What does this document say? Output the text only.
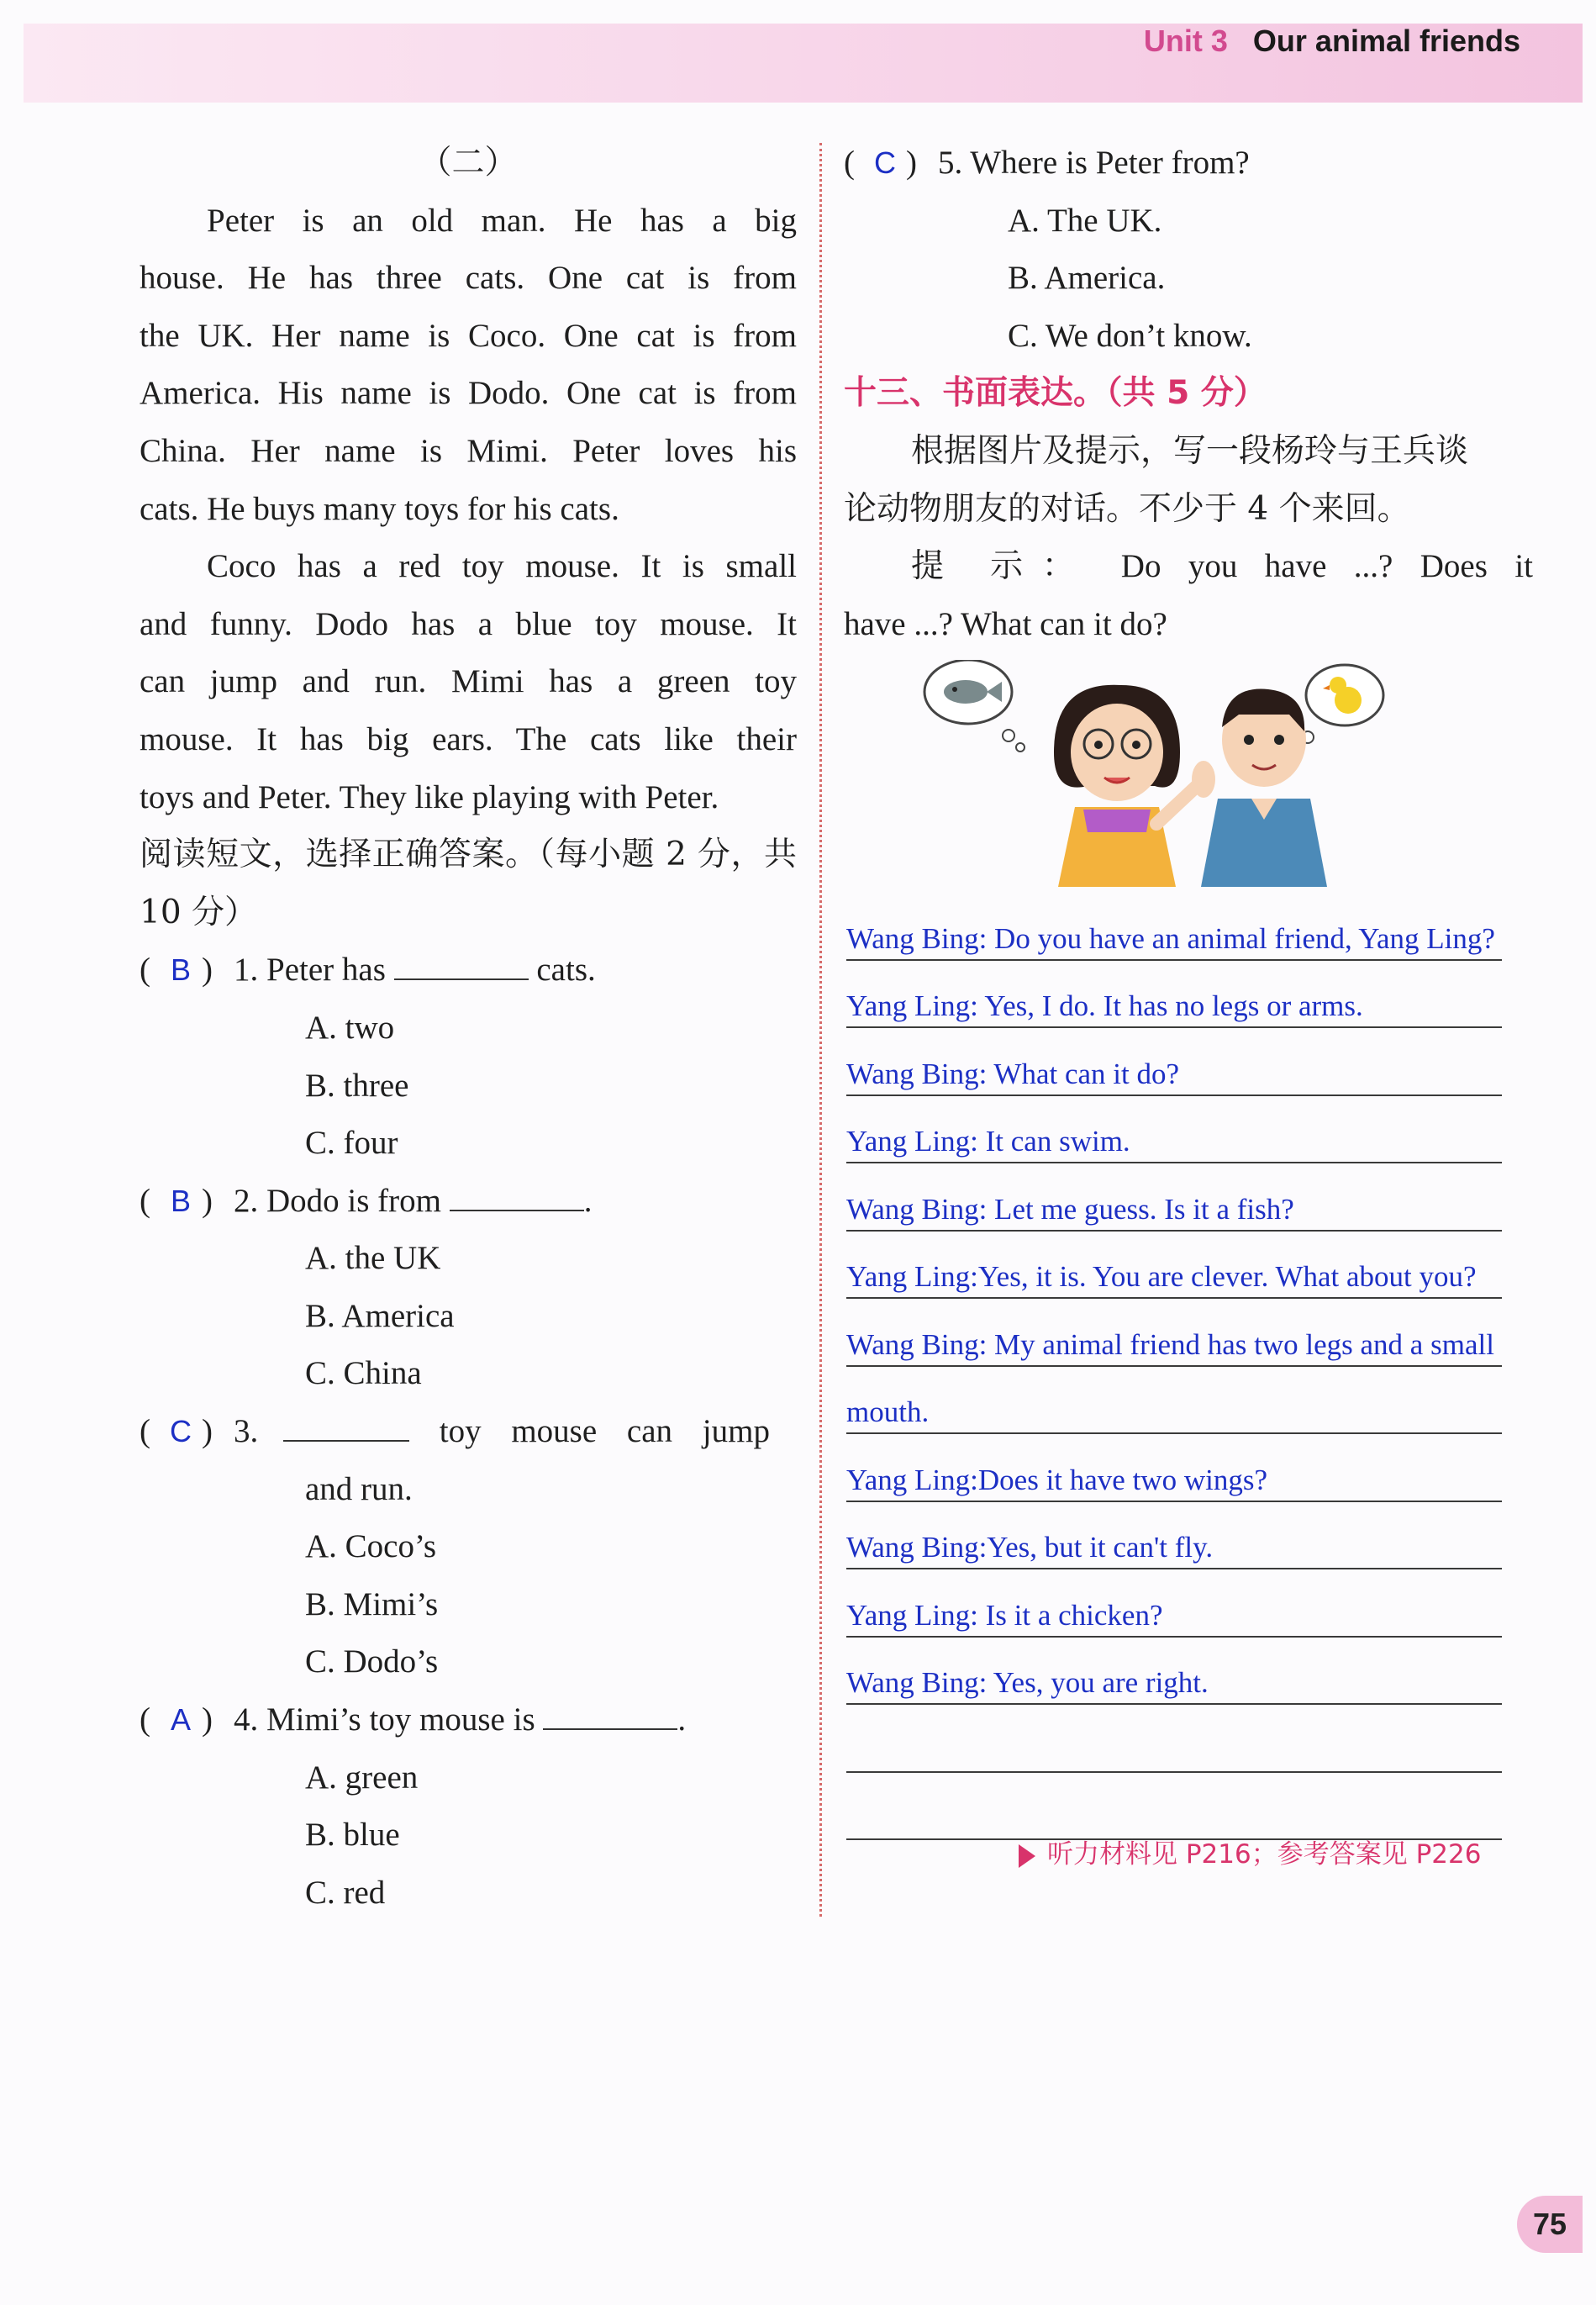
Unit 3 Our animal friends
（二）
Peter is an old man. He has a big
house. He has three cats. One cat is from
the UK. Her name is Coco. One cat is from
America. His name is Dodo. One cat is from
China. Her name is Mimi. Peter loves his
cats. He buys many toys for his cats.
Coco has a red toy mouse. It is small
and funny. Dodo has a blue toy mouse. It
can jump and run. Mimi has a green toy
mouse. It has big ears. The cats like their
toys and Peter. They like playing with Peter.
阅读短文，选择正确答案。（每小题 2 分，共
10 分）
( B ) 1. Peter has	cats.
A. two
B. three
C. four
( B ) 2. Dodo is from	.
A. the UK
B. America
C. China
( C ) 3.	toy mouse can jump
and run.
A. Coco’s
B. Mimi’s
C. Dodo’s
( A ) 4. Mimi’s toy mouse is	.
A. green
B. blue
C. red
( C ) 5. Where is Peter from?
A. The UK.
B. America.
C. We don’t know.
十三、书面表达。（共 5 分）
根据图片及提示，写一段杨玲与王兵谈
论动物朋友的对话。不少于 4 个来回。
提 示： Do you have ...? Does it
have ...? What can it do?
Wang Bing: Do you have an animal friend, Yang Ling?
Yang Ling: Yes, I do. It has no legs or arms.
Wang Bing: What can it do?
Yang Ling: It can swim.
Wang Bing: Let me guess. Is it a fish?
Yang Ling:Yes, it is. You are clever. What about you?
Wang Bing: My animal friend has two legs and a small
mouth.
Yang Ling:Does it have two wings?
Wang Bing:Yes, but it can't fly.
Yang Ling: Is it a chicken?
Wang Bing: Yes, you are right.
听力材料见 P216；参考答案见 P226
75
